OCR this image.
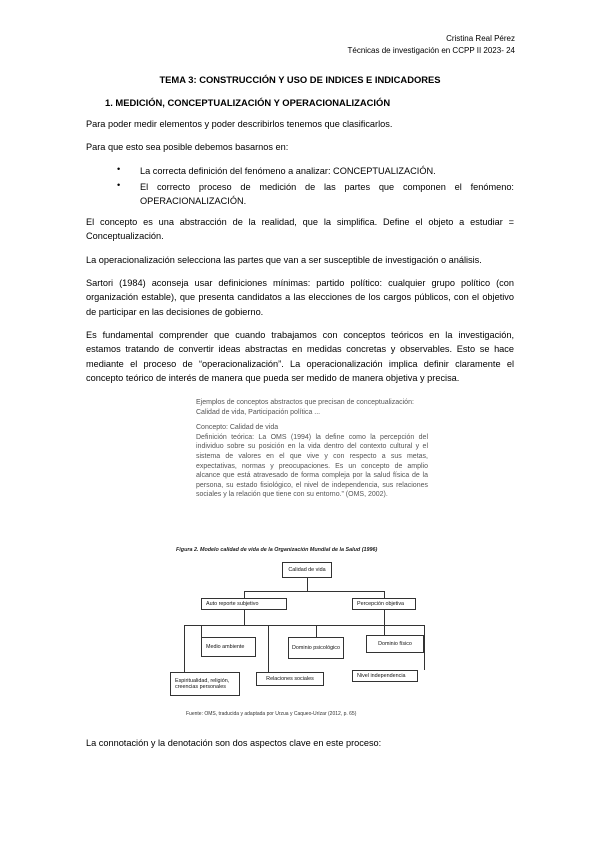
Cristina Real Pérez
Técnicas de investigación en CCPP II 2023- 24
TEMA 3: CONSTRUCCIÓN Y USO DE INDICES E INDICADORES
1. MEDICIÓN, CONCEPTUALIZACIÓN Y OPERACIONALIZACIÓN
Para poder medir elementos y poder describirlos tenemos que clasificarlos.
Para que esto sea posible debemos basarnos en:
• La correcta definición del fenómeno a analizar: CONCEPTUALIZACIÓN.
• El correcto proceso de medición de las partes que componen el fenómeno: OPERACIONALIZACIÓN.
El concepto es una abstracción de la realidad, que la simplifica. Define el objeto a estudiar = Conceptualización.
La operacionalización selecciona las partes que van a ser susceptible de investigación o análisis.
Sartori (1984) aconseja usar definiciones mínimas: partido político: cualquier grupo político (con organización estable), que presenta candidatos a las elecciones de los cargos públicos, con el objetivo de participar en las decisiones de gobierno.
Es fundamental comprender que cuando trabajamos con conceptos teóricos en la investigación, estamos tratando de convertir ideas abstractas en medidas concretas y observables. Esto se hace mediante el proceso de “operacionalización”. La operacionalización implica definir claramente el concepto teórico de interés de manera que pueda ser medido de manera objetiva y precisa.
Ejemplos de conceptos abstractos que precisan de conceptualización:
Calidad de vida, Participación política ...
Concepto: Calidad de vida
Definición teórica: La OMS (1994) la define como la percepción del individuo sobre su posición en la vida dentro del contexto cultural y el sistema de valores en el que vive y con respecto a sus metas, expectativas, normas y preocupaciones. Es un concepto de amplio alcance que está atravesado de forma compleja por la salud física de la persona, su estado fisiológico, el nivel de independencia, sus relaciones sociales y la relación que tiene con su entorno.” (OMS, 2002).
Figura 2. Modelo calidad de vida de la Organización Mundial de la Salud (1996)
Calidad de vida
Auto reporte subjetivo	Percepción objetiva
Medio ambiente	Dominio psicológico
Dominio físico
Espiritualidad, religión, creencias personales
Relaciones sociales	Nivel independencia
Fuente: OMS, traducida y adaptada por Urzua y Caqueo-Urízar (2012, p. 65)
La connotación y la denotación son dos aspectos clave en este proceso:
